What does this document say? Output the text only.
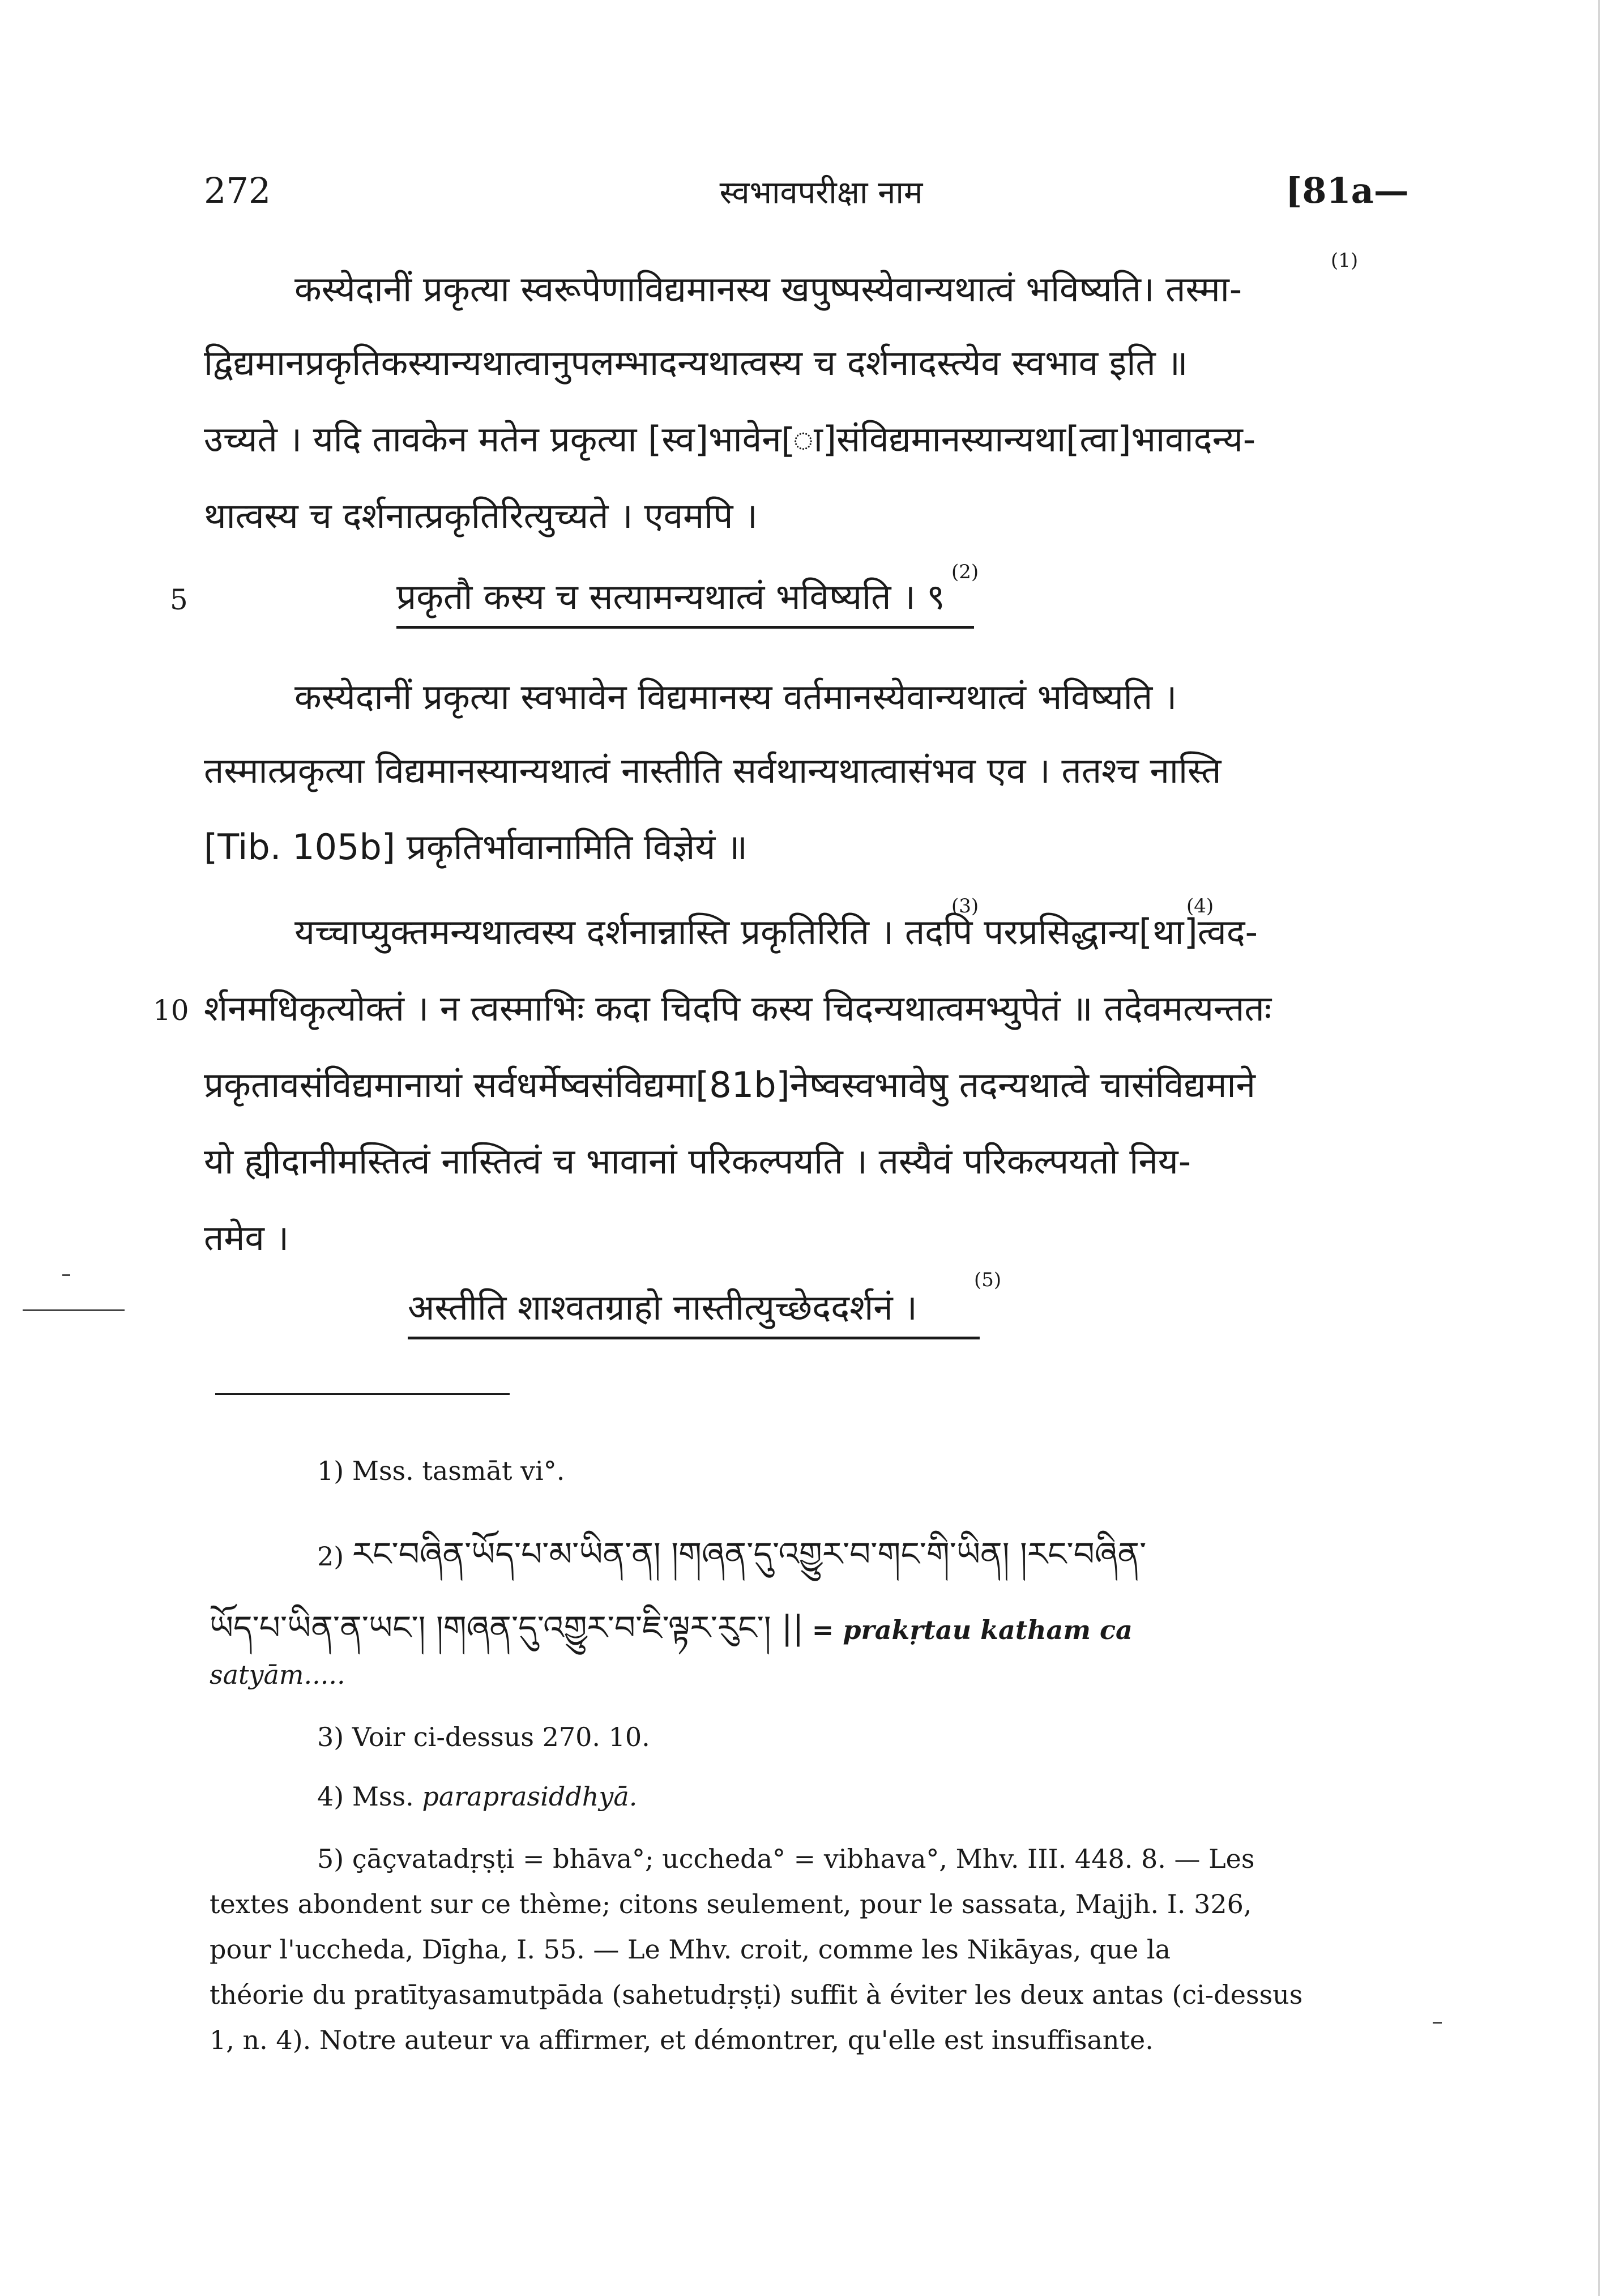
272	स्वभावपरीक्षा नाम	[81a—
कस्येदानीं प्रकृत्या स्वरूपेणाविद्यमानस्य खपुष्पस्येवान्यथात्वं भविष्यति। तस्मा-
द्विद्यमानप्रकृतिकस्यान्यथात्वानुपलम्भादन्यथात्वस्य च दर्शनादस्त्येव स्वभाव इति ॥
उच्यते । यदि तावकेन मतेन प्रकृत्या [स्व]भावेन[ा]संविद्यमानस्यान्यथा[त्वा]भावादन्य-
थात्वस्य च दर्शनात्प्रकृतिरित्युच्यते । एवमपि ।
5	प्रकृतौ कस्य च सत्यामन्यथात्वं भविष्यति । ९
कस्येदानीं प्रकृत्या स्वभावेन विद्यमानस्य वर्तमानस्येवान्यथात्वं भविष्यति ।
तस्मात्प्रकृत्या विद्यमानस्यान्यथात्वं नास्तीति सर्वथान्यथात्वासंभव एव । ततश्च नास्ति
[Tib. 105b] प्रकृतिर्भावानामिति विज्ञेयं ॥
यच्चाप्युक्तमन्यथात्वस्य दर्शनान्नास्ति प्रकृतिरिति । तदपि परप्रसिद्धान्य[था]त्वद-
10 र्शनमधिकृत्योक्तं । न त्वस्माभिः कदा चिदपि कस्य चिदन्यथात्वमभ्युपेतं ॥ तदेवमत्यन्ततः
प्रकृतावसंविद्यमानायां सर्वधर्मेष्वसंविद्यमा[81b]नेष्वस्वभावेषु तदन्यथात्वे चासंविद्यमाने
यो ह्यीदानीमस्तित्वं नास्तित्वं च भावानां परिकल्पयति । तस्यैवं परिकल्पयतो निय-
तमेव ।
अस्तीति शाश्वतग्राहो नास्तीत्युच्छेददर्शनं ।
(1)
(2)
(3)	(4)
(5)
1) Mss. tasmāt vi°.
2) རང་བཞིན་ཡོད་པ་མ་ཡིན་ན། །གཞན་དུ་འགྱུར་བ་གང་གི་ཡིན། །རང་བཞིན་
ཡོད་པ་ཡིན་ན་ཡང་། །གཞན་དུ་འགྱུར་བ་ཇི་ལྟར་རུང་། || = prakṛtau katham ca
satyām.....
3) Voir ci-dessus 270. 10.
4) Mss. paraprasiddhyā.
5) çāçvatadṛṣṭi = bhāva°; uccheda° = vibhava°, Mhv. III. 448. 8. — Les
textes abondent sur ce thème; citons seulement, pour le sassata, Majjh. I. 326,
pour l'uccheda, Dīgha, I. 55. — Le Mhv. croit, comme les Nikāyas, que la
théorie du pratītyasamutpāda (sahetudṛṣṭi) suffit à éviter les deux antas (ci-dessus
1, n. 4). Notre auteur va affirmer, et démontrer, qu'elle est insuffisante.
